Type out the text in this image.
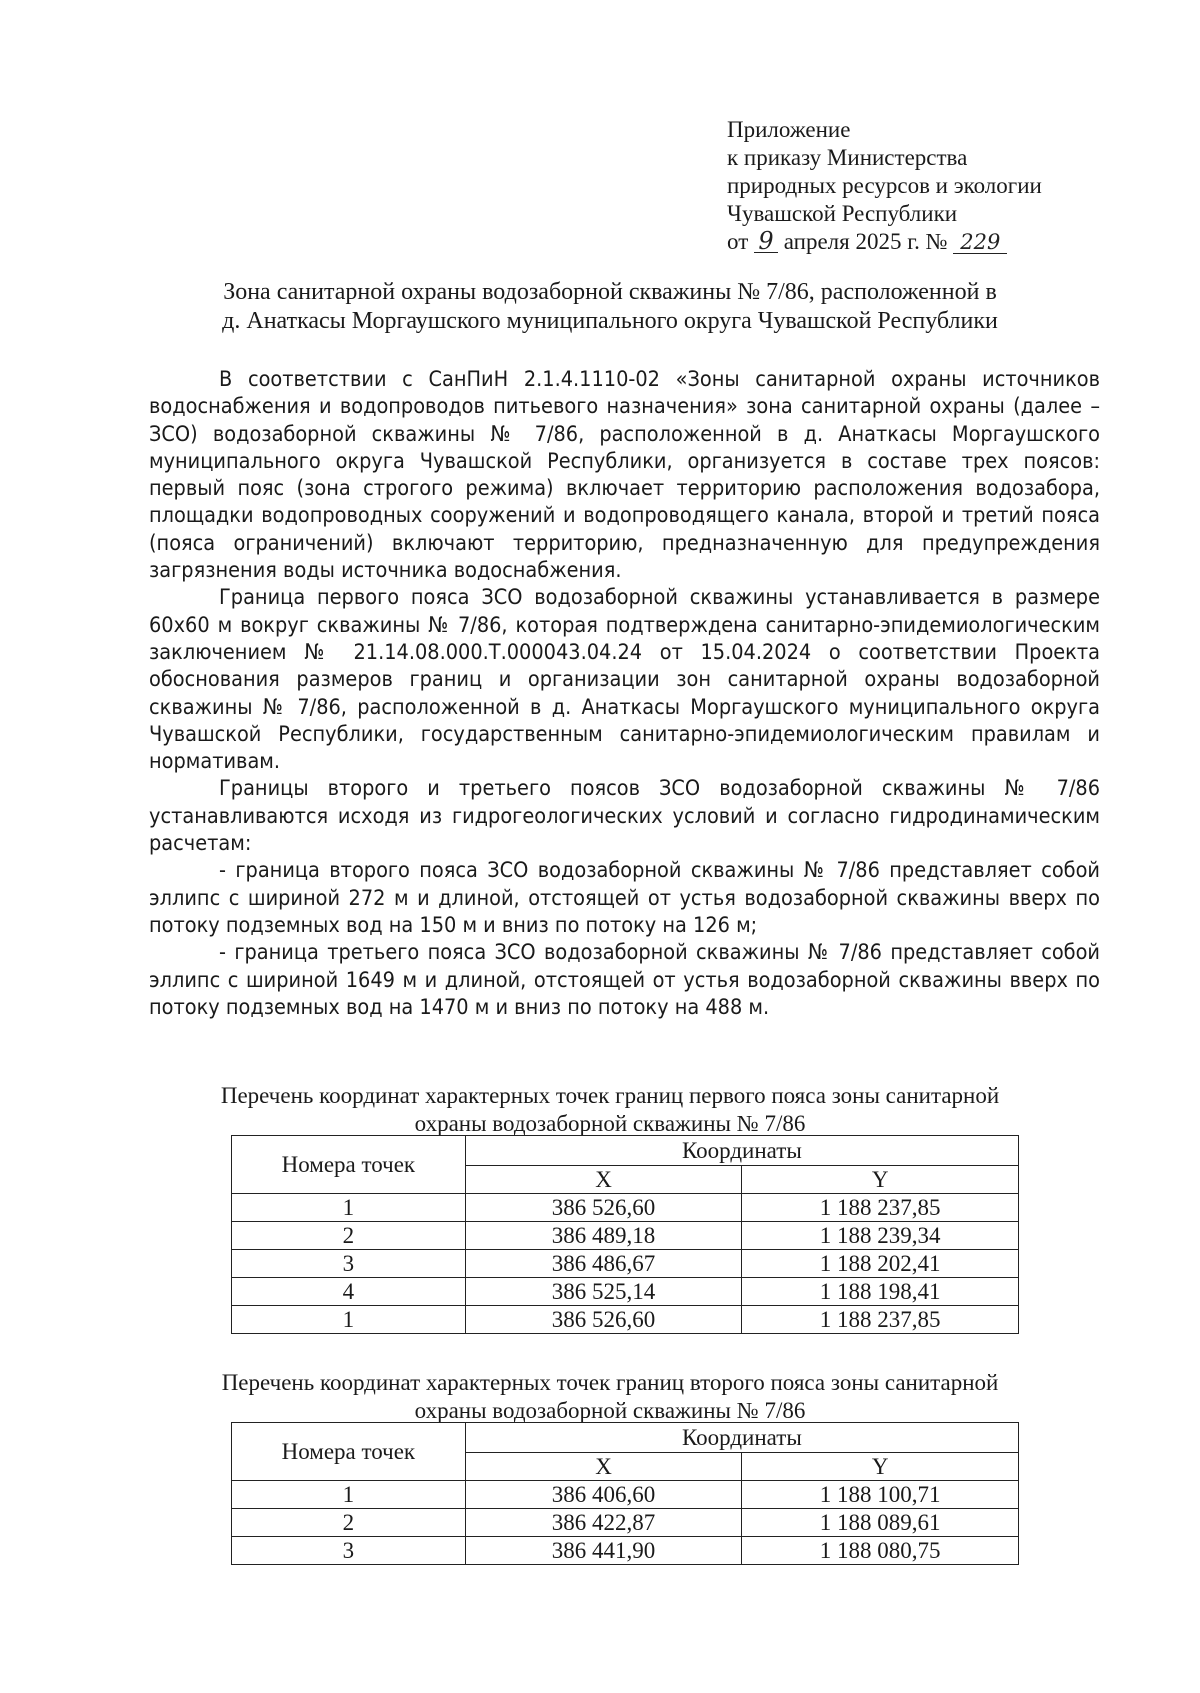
Приложение
к приказу Министерства
природных ресурсов и экологии
Чувашской Республики
от 9 апреля 2025 г. № 229
Зона санитарной охраны водозаборной скважины № 7/86, расположенной в
д. Анаткасы Моргаушского муниципального округа Чувашской Республики

В соответствии с СанПиН 2.1.4.1110-02 «Зоны санитарной охраны источников водоснабжения и водопроводов питьевого назначения» зона санитарной охраны (далее – ЗСО) водозаборной скважины № 7/86, расположенной в д. Анаткасы Моргаушского муниципального округа Чувашской Республики, организуется в составе трех поясов: первый пояс (зона строгого режима) включает территорию расположения водозабора, площадки водопроводных сооружений и водопроводящего канала, второй и третий пояса (пояса ограничений) включают территорию, предназначенную для предупреждения загрязнения воды источника водоснабжения.

Граница первого пояса ЗСО водозаборной скважины устанавливается в размере 60х60 м вокруг скважины № 7/86, которая подтверждена санитарно-эпидемиологическим заключением № 21.14.08.000.Т.000043.04.24 от 15.04.2024 о соответствии Проекта обоснования размеров границ и организации зон санитарной охраны водозаборной скважины № 7/86, расположенной в д. Анаткасы Моргаушского муниципального округа Чувашской Республики, государственным санитарно-эпидемиологическим правилам и нормативам.

Границы второго и третьего поясов ЗСО водозаборной скважины № 7/86 устанавливаются исходя из гидрогеологических условий и согласно гидродинамическим расчетам:

- граница второго пояса ЗСО водозаборной скважины № 7/86 представляет собой эллипс с шириной 272 м и длиной, отстоящей от устья водозаборной скважины вверх по потоку подземных вод на 150 м и вниз по потоку на 126 м;

- граница третьего пояса ЗСО водозаборной скважины № 7/86 представляет собой эллипс с шириной 1649 м и длиной, отстоящей от устья водозаборной скважины вверх по потоку подземных вод на 1470 м и вниз по потоку на 488 м.

Перечень координат характерных точек границ первого пояса зоны санитарной
охраны водозаборной скважины № 7/86
Номера точек	Координаты	
	X	Y
1	386 526,60	1 188 237,85
2	386 489,18	1 188 239,34
3	386 486,67	1 188 202,41
4	386 525,14	1 188 198,41
1	386 526,60	1 188 237,85
Перечень координат характерных точек границ второго пояса зоны санитарной
охраны водозаборной скважины № 7/86
Номера точек	Координаты	
	X	Y
1	386 406,60	1 188 100,71
2	386 422,87	1 188 089,61
3	386 441,90	1 188 080,75
